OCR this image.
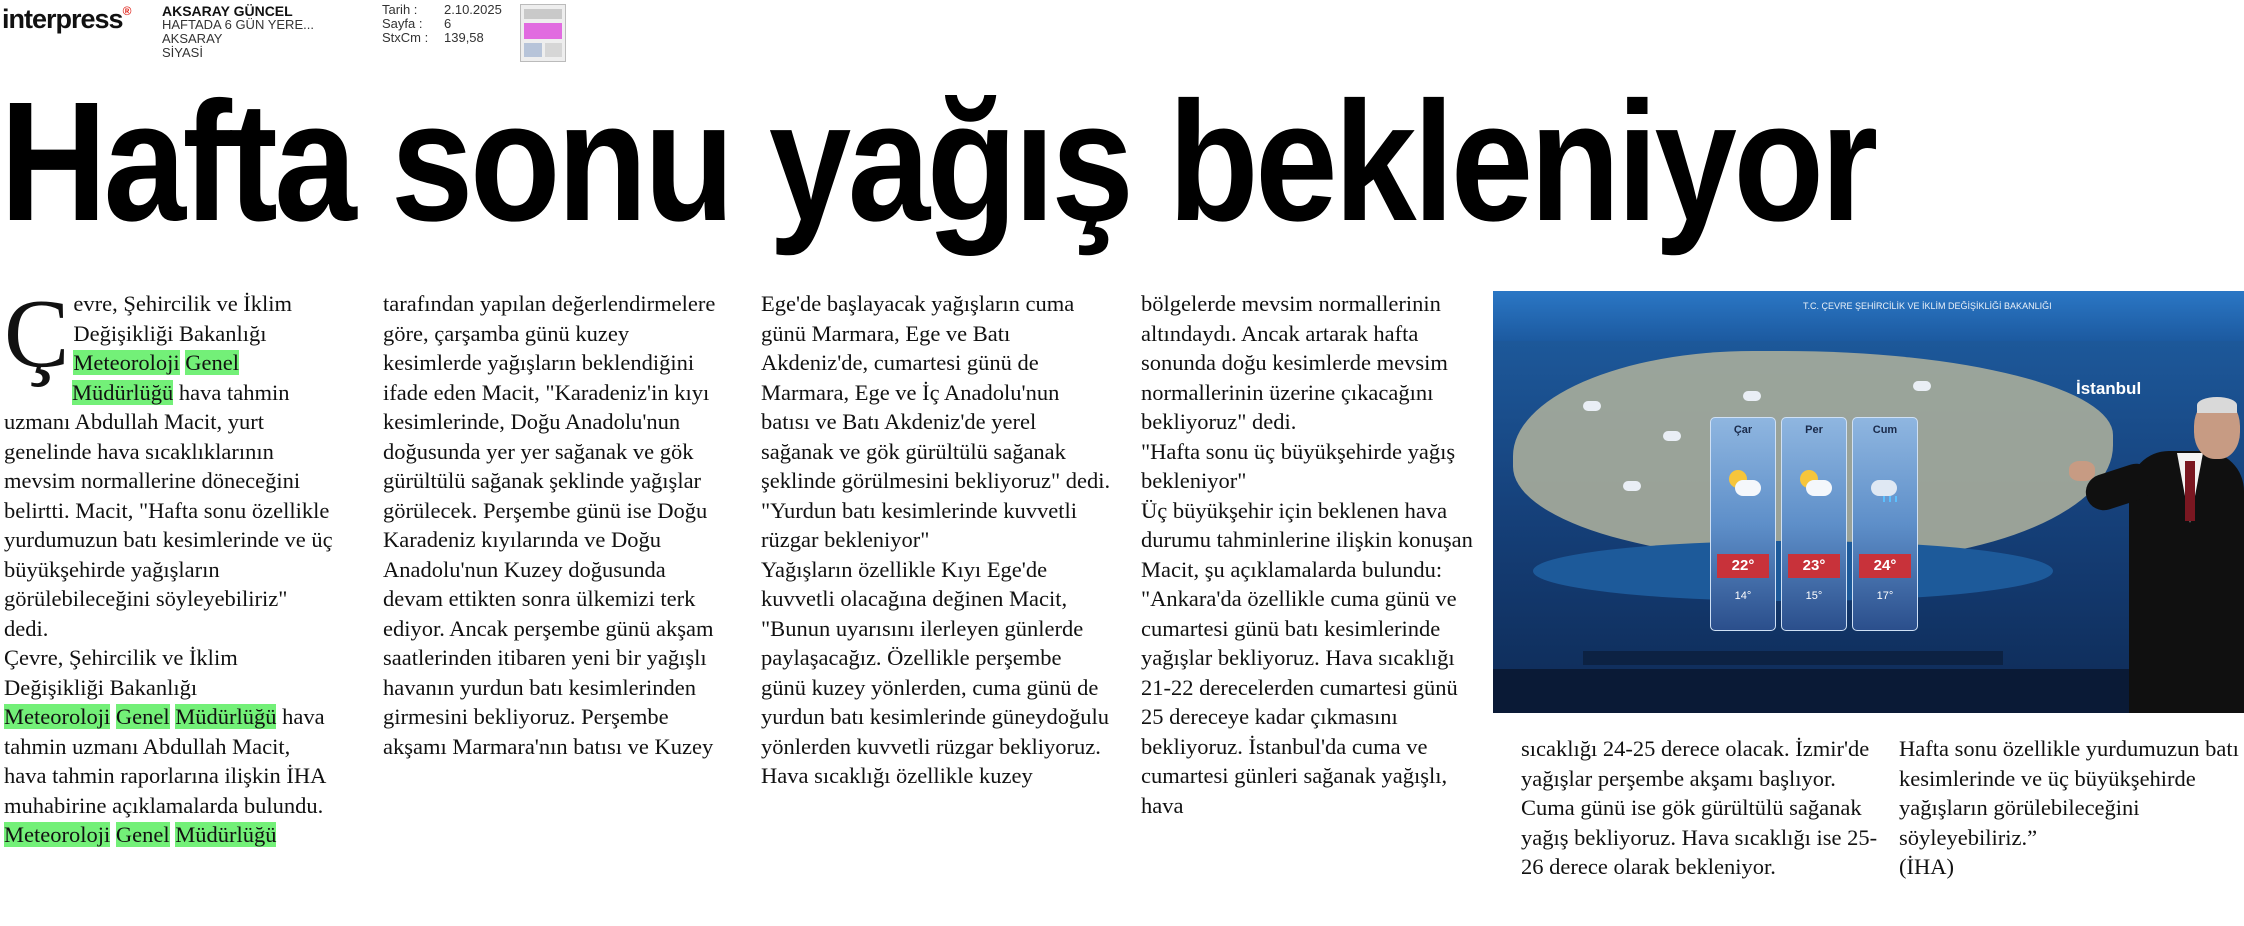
interpress® AKSARAY GÜNCEL
HAFTADA 6 GÜN YERE...
AKSARAY
SİYASİ
Tarih :	2.10.2025
Sayfa :	6
StxCm :	139,58
Hafta sonu yağış bekleniyor
Ç evre, Şehircilik ve İklim
Değişikliği Bakanlığı
Meteoroloji Genel
Müdürlüğü hava tahmin

uzmanı Abdullah Macit, yurt genelinde hava sıcaklıklarının mevsim normallerine döneceğini belirtti. Macit, "Hafta sonu özellikle yurdumuzun batı kesimlerinde ve üç büyükşehirde yağışların görülebileceğini söyleyebiliriz" dedi.

Çevre, Şehircilik ve İklim Değişikliği Bakanlığı
Meteoroloji Genel Müdürlüğü hava tahmin uzmanı Abdullah Macit, hava tahmin raporlarına ilişkin İHA muhabirine açıklamalarda bulundu.

Meteoroloji Genel Müdürlüğü

tarafından yapılan değerlendirmelere göre, çarşamba günü kuzey kesimlerde yağışların beklendiğini ifade eden Macit, "Karadeniz'in kıyı kesimlerinde, Doğu Anadolu'nun doğusunda yer yer sağanak ve gök gürültülü sağanak şeklinde yağışlar görülecek. Perşembe günü ise Doğu Karadeniz kıyılarında ve Doğu Anadolu'nun Kuzey doğusunda devam ettikten sonra ülkemizi terk ediyor. Ancak perşembe günü akşam saatlerinden itibaren yeni bir yağışlı havanın yurdun batı kesimlerinden girmesini bekliyoruz. Perşembe akşamı Marmara'nın batısı ve Kuzey

Ege'de başlayacak yağışların cuma günü Marmara, Ege ve Batı Akdeniz'de, cumartesi günü de Marmara, Ege ve İç Anadolu'nun batısı ve Batı Akdeniz'de yerel sağanak ve gök gürültülü sağanak şeklinde görülmesini bekliyoruz" dedi.

"Yurdun batı kesimlerinde kuvvetli rüzgar bekleniyor"

Yağışların özellikle Kıyı Ege'de kuvvetli olacağına değinen Macit, "Bunun uyarısını ilerleyen günlerde paylaşacağız. Özellikle perşembe günü kuzey yönlerden, cuma günü de yurdun batı kesimlerinde güneydoğulu yönlerden kuvvetli rüzgar bekliyoruz. Hava sıcaklığı özellikle kuzey

bölgelerde mevsim normallerinin altındaydı. Ancak artarak hafta sonunda doğu kesimlerde mevsim normallerinin üzerine çıkacağını bekliyoruz" dedi.

"Hafta sonu üç büyükşehirde yağış bekleniyor"

Üç büyükşehir için beklenen hava durumu tahminlerine ilişkin konuşan Macit, şu açıklamalarda bulundu: "Ankara'da özellikle cuma günü ve cumartesi günü batı kesimlerinde yağışlar bekliyoruz. Hava sıcaklığı 21-22 derecelerden cumartesi günü 25 dereceye kadar çıkmasını bekliyoruz. İstanbul'da cuma ve cumartesi günleri sağanak yağışlı, hava

T.C. ÇEVRE ŞEHİRCİLİK VE İKLİM DEĞİŞİKLİĞİ BAKANLIĞI
İstanbul
Çar
22°
14°
Per
23°
15°
Cum
24°
17°

sıcaklığı 24-25 derece olacak. İzmir'de yağışlar perşembe akşamı başlıyor. Cuma günü ise gök gürültülü sağanak yağış bekliyoruz. Hava sıcaklığı ise 25-26 derece olarak bekleniyor.

Hafta sonu özellikle yurdumuzun batı kesimlerinde ve üç büyükşehirde yağışların görülebileceğini söyleyebiliriz.”
(İHA)
